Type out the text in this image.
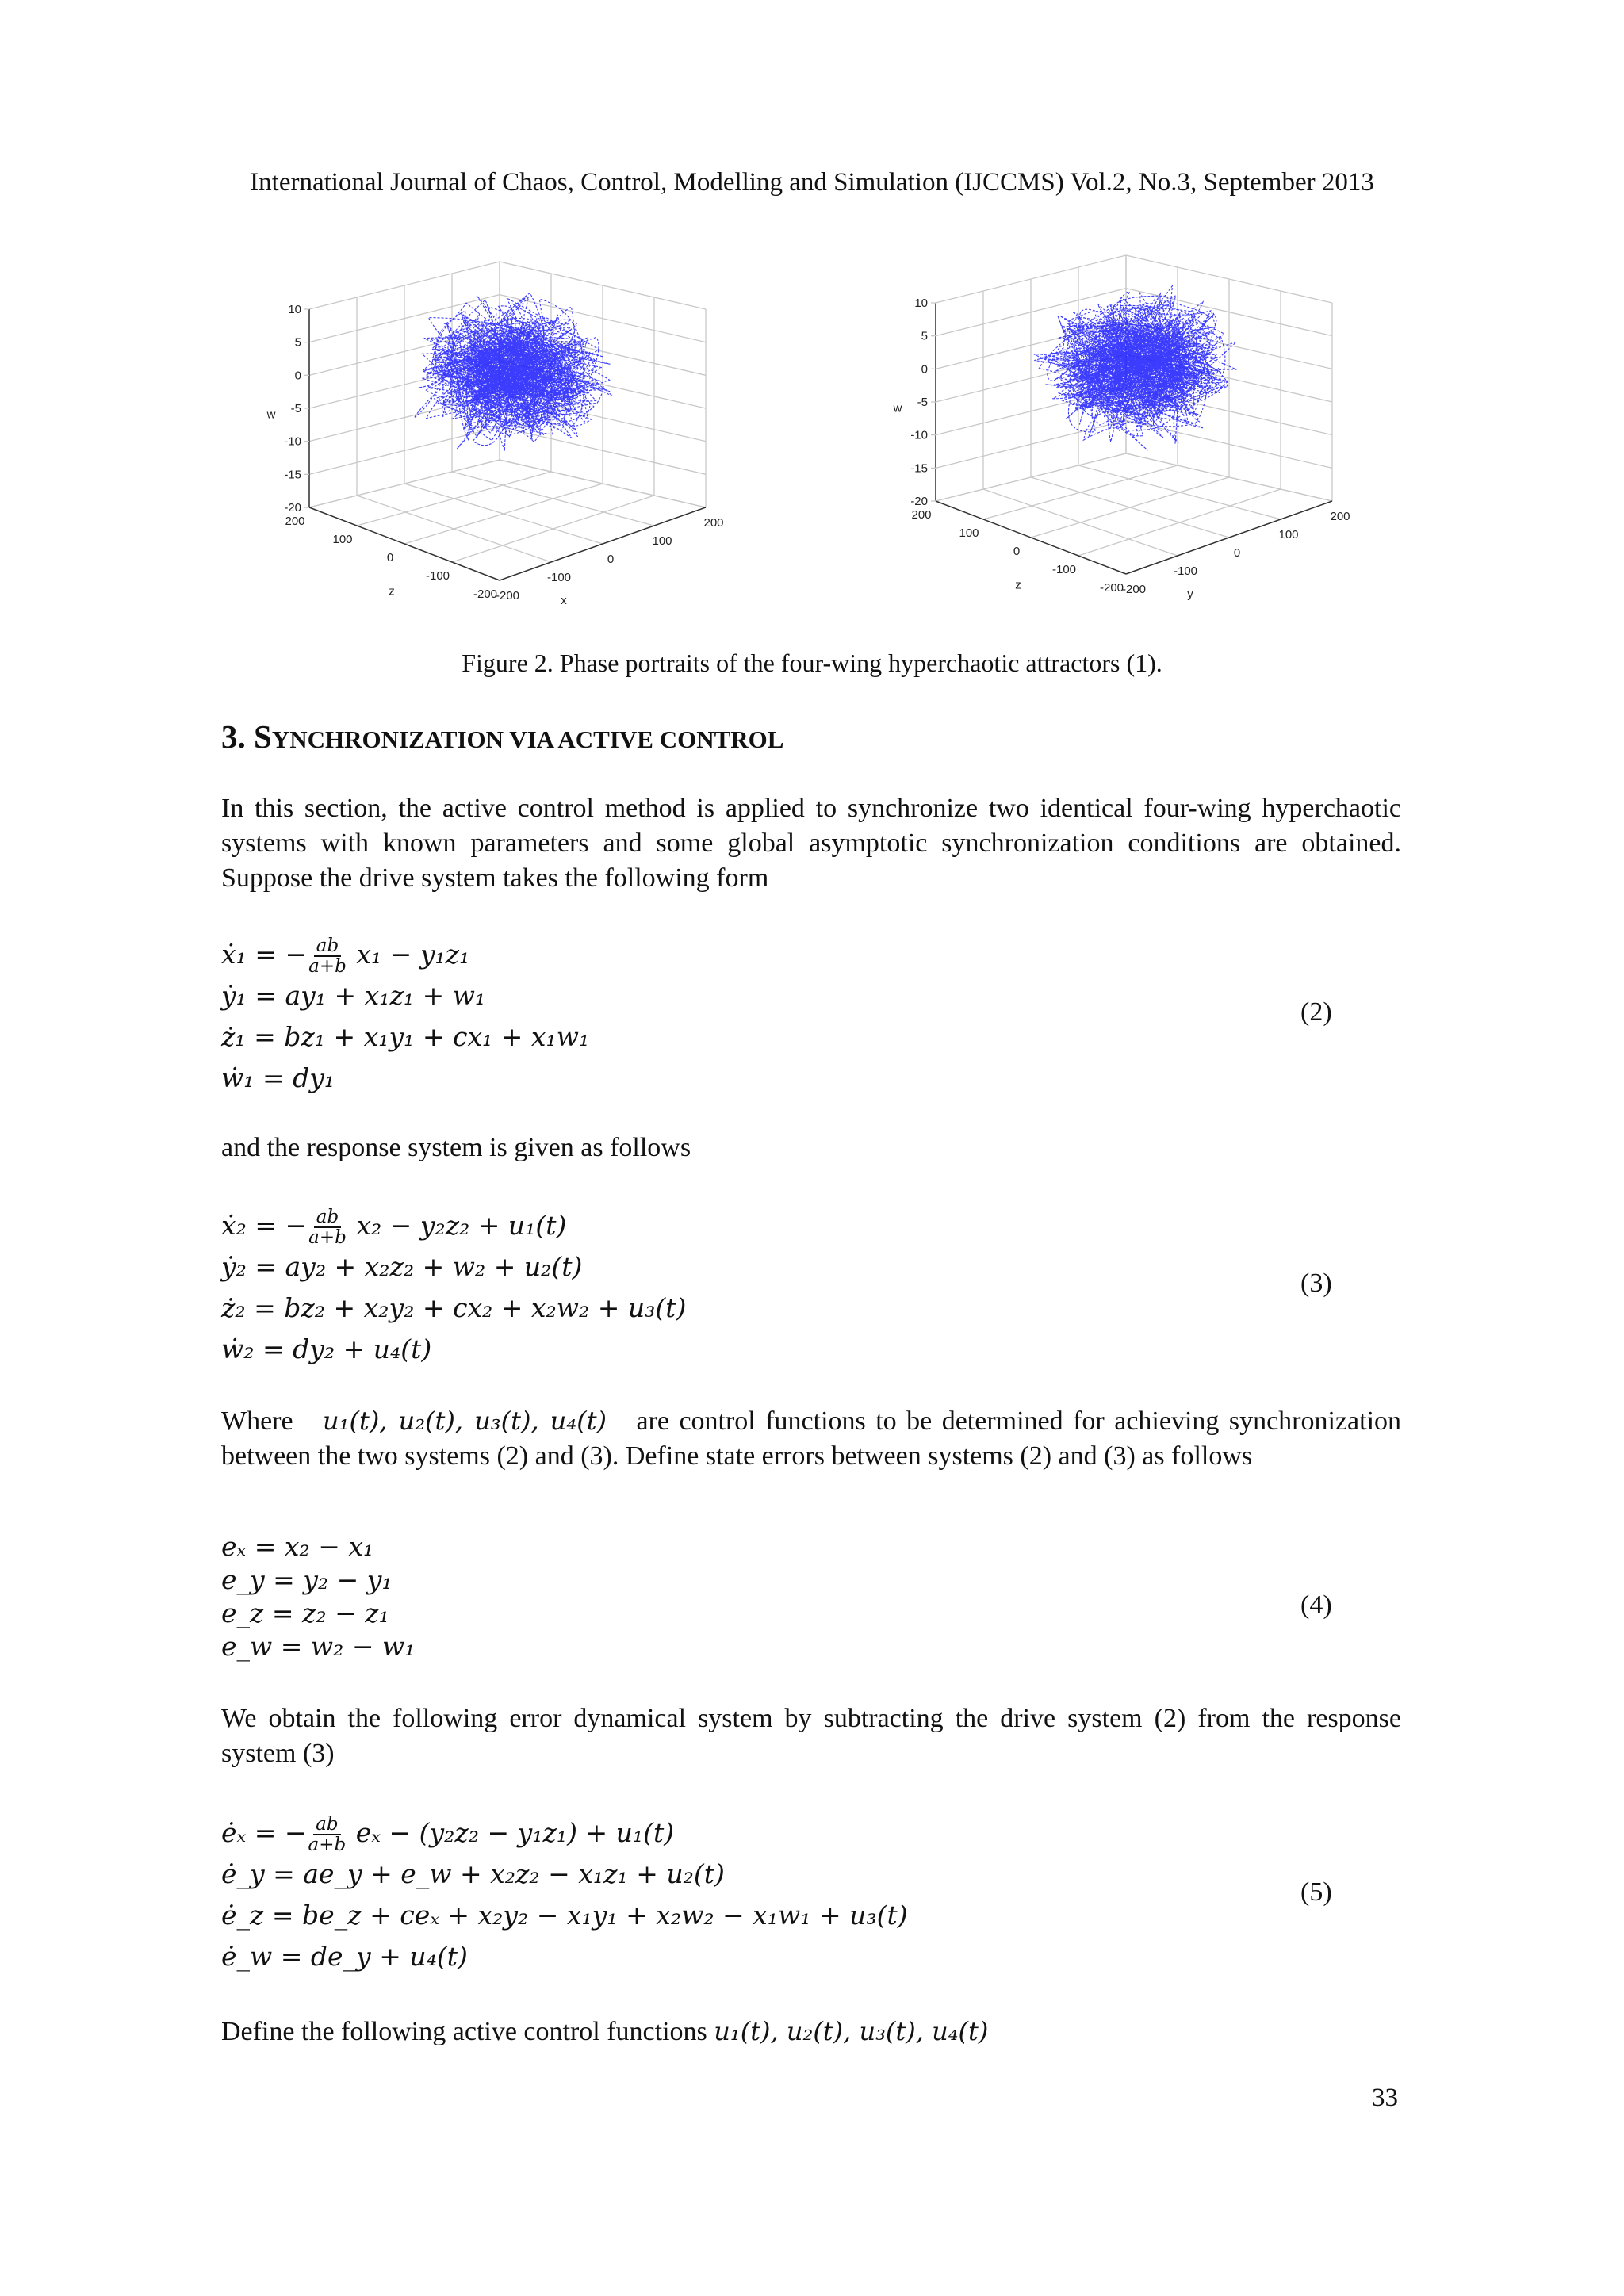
International Journal of Chaos, Control, Modelling and Simulation (IJCCMS) Vol.2, No.3, September 2013
10
5
0
-5
-10
-15
-20
w
200
100
0
-100
-200
z	-200
-100
0
100
200
x
10
5
0
-5
-10
-15
-20
w
200
100
0
-100
-200
z	-200
-100
0
100
200
y
Figure 2. Phase portraits of the four-wing hyperchaotic attractors (1).
3. SYNCHRONIZATION VIA ACTIVE CONTROL
In this section, the active control method is applied to synchronize two identical four-wing hyperchaotic systems with known parameters and some global asymptotic synchronization conditions are obtained. Suppose the drive system takes the following form
ẋ₁ = − $\frac{ab}{a+b} x_1 - y_1z_1$
ẏ₁ = ay₁ + x₁z₁ + w₁
ż₁ = bz₁ + x₁y₁ + cx₁ + x₁w₁
ẇ₁ = dy₁
(2)
and the response system is given as follows
ẋ₂ = − $\frac{ab}{a+b} x_2 - y_2z_2 + u_1(t)$
ẏ₂ = ay₂ + x₂z₂ + w₂ + u₂(t)
ż₂ = bz₂ + x₂y₂ + cx₂ + x₂w₂ + u₃(t)
ẇ₂ = dy₂ + u₄(t)
(3)
Where u₁(t), u₂(t), u₃(t), u₄(t) are control functions to be determined for achieving synchronization between the two systems (2) and (3). Define state errors between systems (2) and (3) as follows
eₓ = x₂ − x₁
e_y = y₂ − y₁
e_z = z₂ − z₁
e_w = w₂ − w₁
(4)
We obtain the following error dynamical system by subtracting the drive system (2) from the response system (3)
ėₓ = − $\frac{ab}{a+b}$ eₓ − (y₂z₂ − y₁z₁) + u₁(t)
ė_y = ae_y + e_w + x₂z₂ − x₁z₁ + u₂(t)
ė_z = be_z + ceₓ + x₂y₂ − x₁y₁ + x₂w₂ − x₁w₁ + u₃(t)
ė_w = de_y + u₄(t)
(5)
Define the following active control functions u₁(t), u₂(t), u₃(t), u₄(t)
33
